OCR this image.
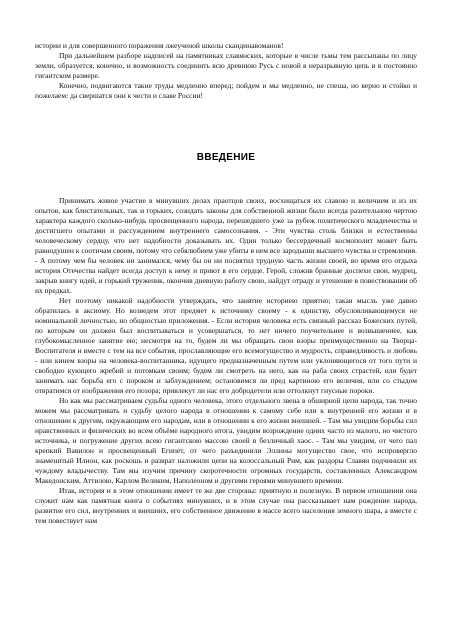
истории и для совершенного поражения лжеученой школы скандинавоманов!

При дальнейшем разборе надписей на памятниках славянских, которые в числе тьмы тем рассыпаны по лицу земли, образуется, конечно, и возможность соединить всю древнюю Русь с новой в неразрывную цепь и в постоянно гигантском размере.

Конечно, подвигаются такие труды медленно вперед; пойдем и мы медленно, не спеша, но верно и стойко и пожелаем: да свершатся они к чести и славе России!

ВВЕДЕНИЕ

Принимать живое участие в минувших делах праотцов своих, восхищаться их славою и величием и из их опытов, как блистательных, так и горьких, созидать законы для собственной жизни было всегда разительною чертою характера каждого сколько-нибудь просвещенного народа, перешедшего уже за рубеж политического младенчества и достигшего опытами и рассуждением внутреннего самосознания. - Эти чувства столь близки и естественны человеческому сердцу, что нет надобности доказывать их. Один только бессердечный космополит может быть равнодушен к соотичам своим, потому что себялюбием уже убиты в нем все зародыши высшего чувства и стремления. - А потому чем бы человек ни занимался, чему бы он ни посвятил трудную часть жизни своей, во время его отдыха история Отечества найдет всегда доступ к нему и приют в его сердце. Герой, сложив бранные доспехи свои, мудрец, закрыв книгу идей, и горький труженик, окончив дневную работу свою, найдут отраду и утешение в повествовании об их предках.

Нет поэтому никакой надобности утверждать, что занятие историею приятно; такая мысль уже давно обратилась в аксиому. Но возведем этот предмет к источнику своему - к единству, обусловливающемуся не номинальной личностью, но общностью приложения. - Если история человека есть связный рассказ Божеских путей, по которым он должен был воспитываться и усовершаться, то нет ничего поучительнее и возвышеннее, как глубокомысленное занятие ею; несмотря на то, будем ли мы обращать свои взоры преимущественно на Творца-Воспитателя и вместе с тем на все события, прославляющие его всемогущество и мудрость, справедливость и любовь - или кинем взоры на человека-воспитанника, идущего предназначенным путем или уклоняющегося от того пути и свободно кующего жребий и потомкам своим; будем ли смотреть на него, как на раба своих страстей, или будет занимать нас борьба его с пороком и заблуждением; остановимся ли пред картиною его величия, или со стыдом отвратимся от изображения его позора; привлекут ли нас его добродетели или оттолкнут гнусные пороки.

Но как мы рассматриваем судьбы одного человека, этого отдельного звена в обширной цепи народа, так точно можем мы рассматривать и судьбу целого народа в отношении к самому себе или к внутренней его жизни и в отношении к другим, окружающим его народам, или в отношении к его жизни внешней. - Там мы увидим борьбы сил нравственных и физических во всем объёме народного итога, увидим возрождение одних часто из малого, но чистого источника, и погружение других всею гигантскою массою своей в безличный хаос. - Там мы увидим, от чего пал крепкий Вавилон и просвещенный Египет, от чего разъединили Эллины могущество свое, что испровергло знаменитый Илион, как роскошь и разврат наложили цепи на колоссальный Рим, как раздоры Славян подчинили их чуждому владычеству. Там мы изучим причину скоротечности огромных государств, составленных Александром Македонским, Аттилою, Карлом Великим, Наполеоном и другими героями минувшего времени.

Итак, история и в этом отношении имеет те же две стороны: приятную и полезную. В первом отношении она служит нам как памятная книга о событиях минувших, и в этом случае она рассказывает нам рождение народа, развитие его сил, внутренних и внешних, его собственное движение в массе всего населения земного шара, а вместе с тем повествует нам
